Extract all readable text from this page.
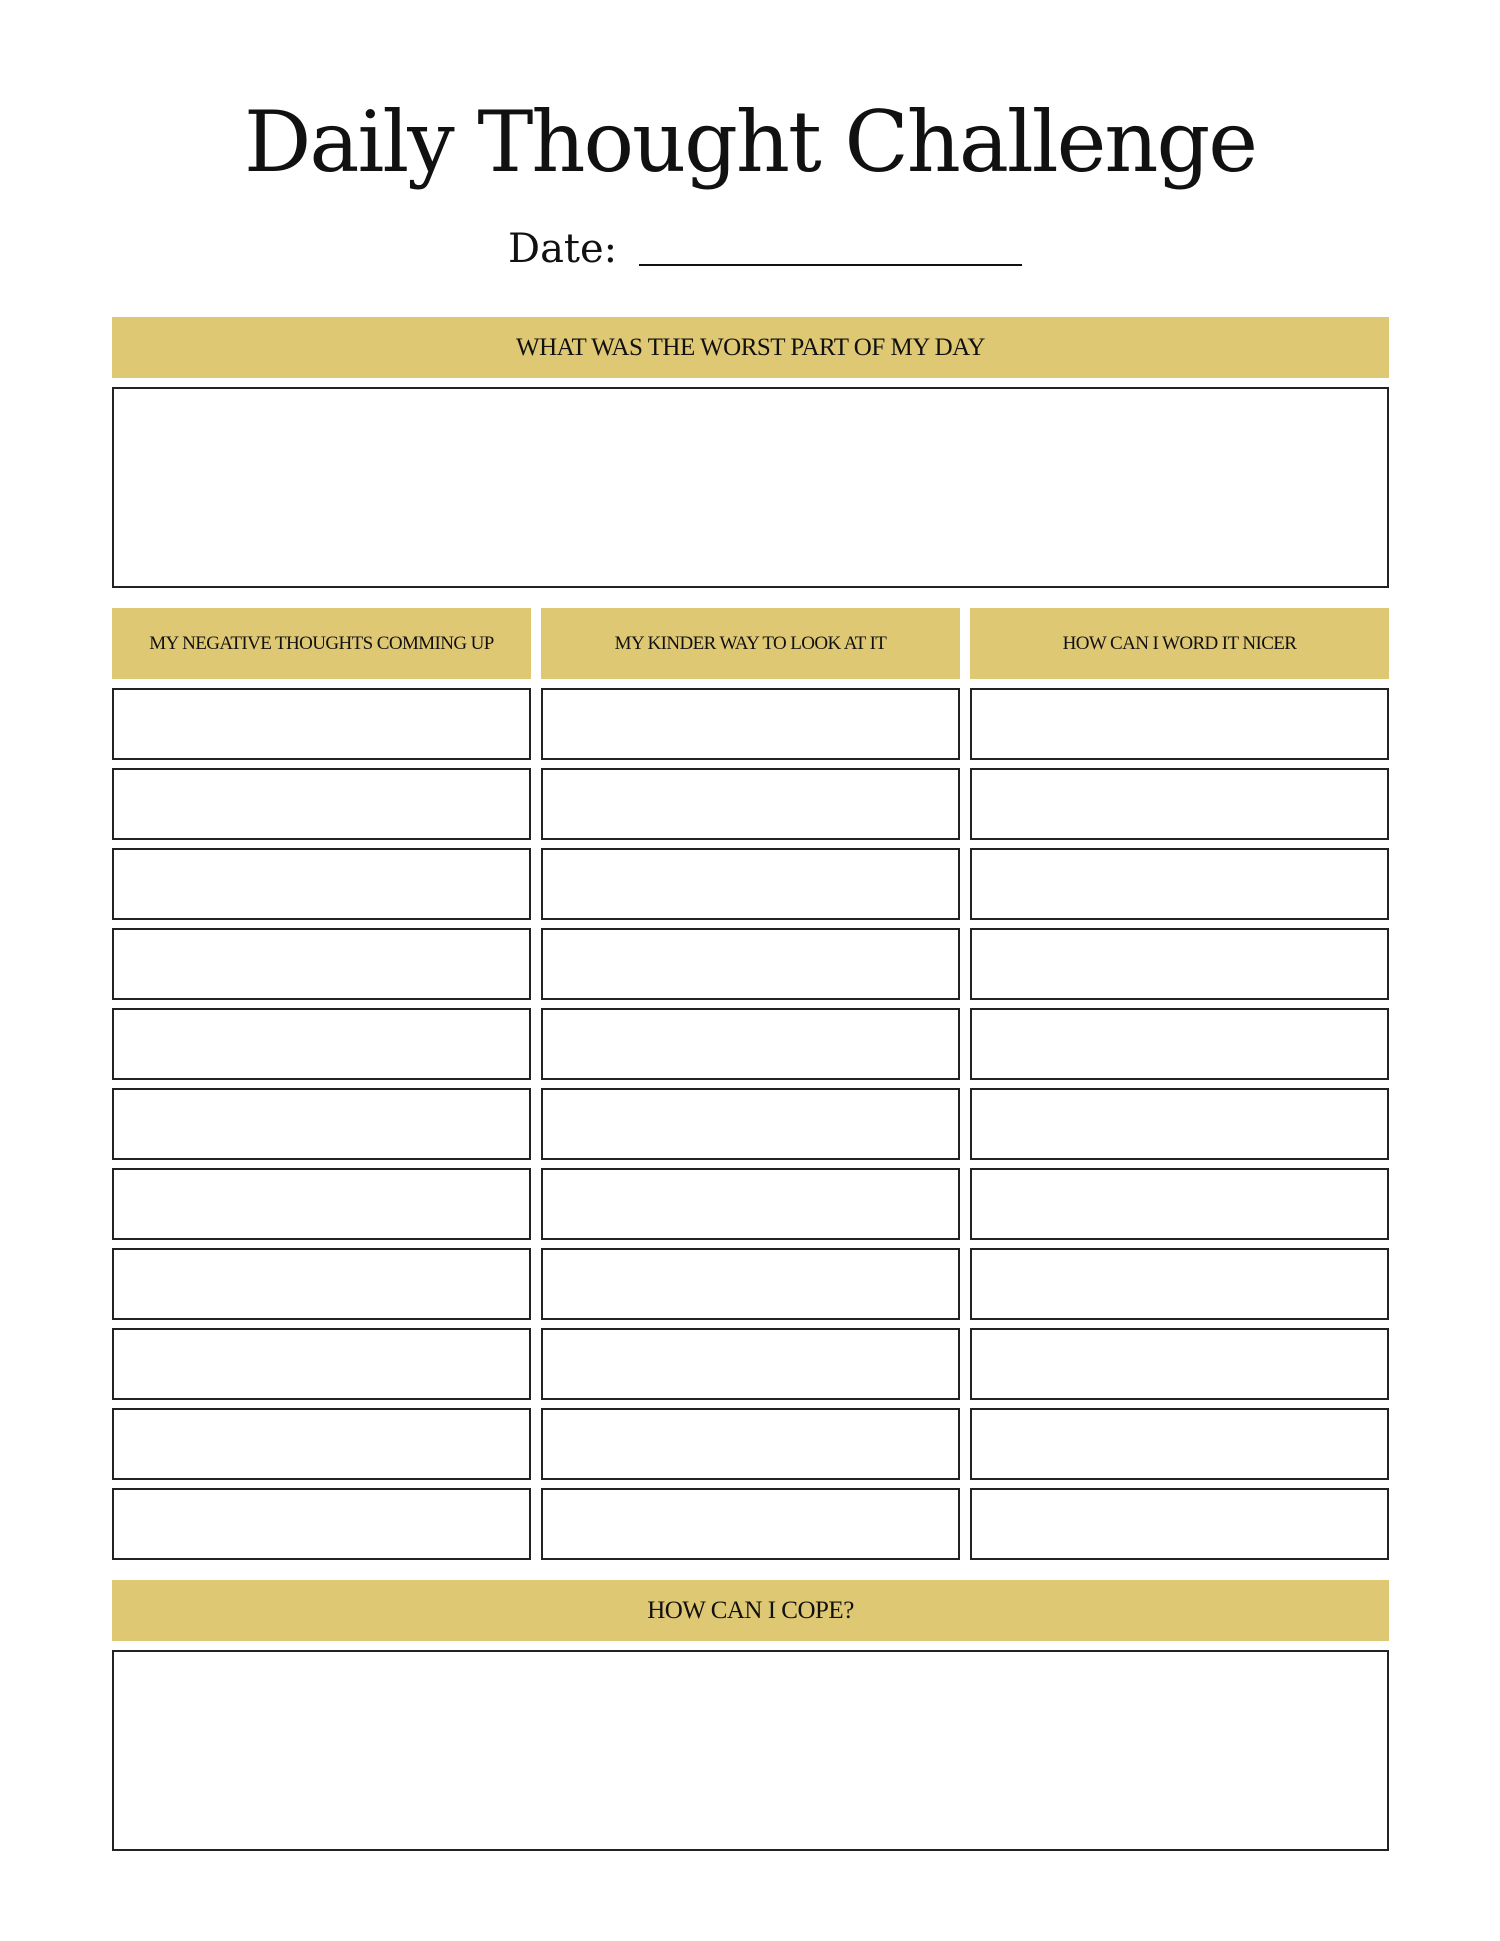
Daily Thought Challenge
Date:
WHAT WAS THE WORST PART OF MY DAY
MY NEGATIVE THOUGHTS COMMING UP	MY KINDER WAY TO LOOK AT IT	HOW CAN I WORD IT NICER
HOW CAN I COPE?
